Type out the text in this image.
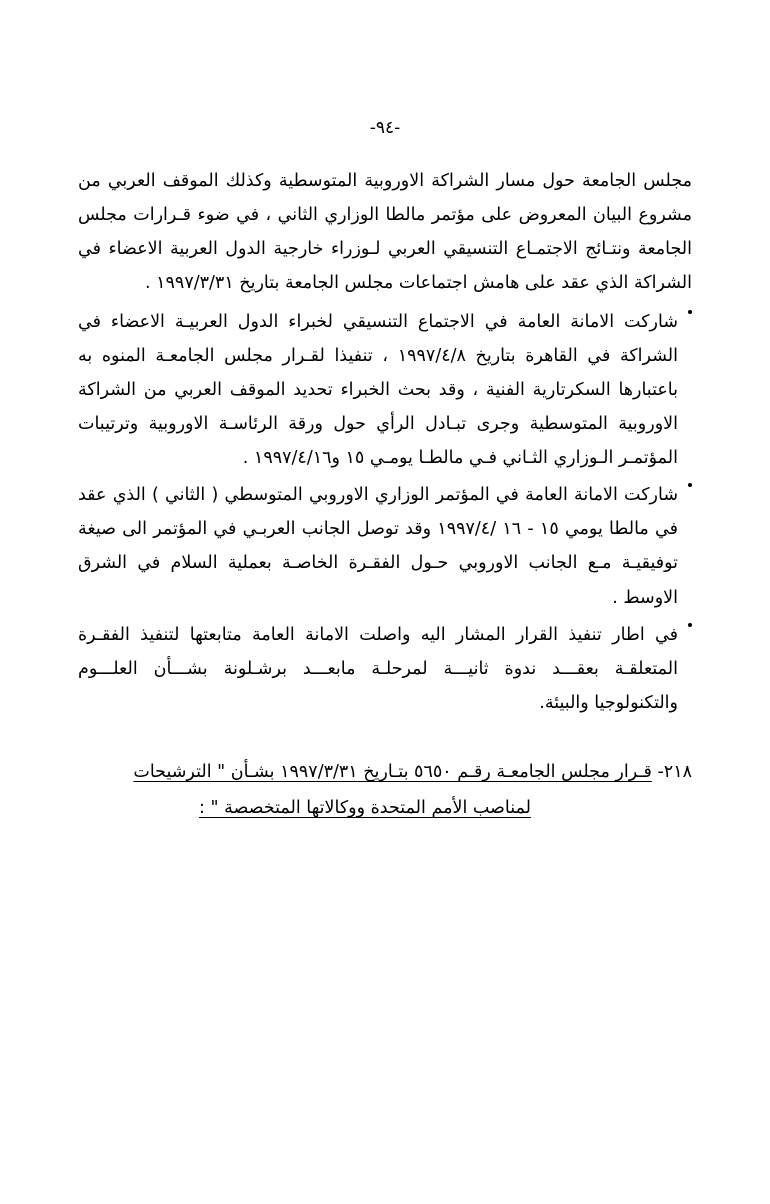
-٩٤-

مجلس الجامعة حول مسار الشراكة الاوروبية المتوسطية وكذلك الموقف العربي من مشروع البيان المعروض على مؤتمر مالطا الوزاري الثاني ، في ضوء قـرارات مجلس الجامعة ونتـائج الاجتمـاع التنسيقي العربي لـوزراء خارجية الدول العربية الاعضاء في الشراكة الذي عقد على هامش اجتماعات مجلس الجامعة بتاريخ ١٩٩٧/٣/٣١ .

شاركت الامانة العامة في الاجتماع التنسيقي لخبراء الدول العربيـة الاعضاء في الشراكة في القاهرة بتاريخ ١٩٩٧/٤/٨ ، تنفيذا لقـرار مجلس الجامعـة المنوه به باعتبارها السكرتارية الفنية ، وقد بحث الخبراء تحديد الموقف العربي من الشراكة الاوروبية المتوسطية وجرى تبـادل الرأي حول ورقة الرئاسـة الاوروبية وترتيبات المؤتمـر الـوزاري الثـاني فـي مالطـا يومـي ١٥ و١٩٩٧/٤/١٦ .
شاركت الامانة العامة في المؤتمر الوزاري الاوروبي المتوسطي ( الثاني ) الذي عقد في مالطا يومي ١٥ - ١٦ /١٩٩٧/٤ وقد توصل الجانب العربـي في المؤتمر الى صيغة توفيقيـة مـع الجانب الاوروبي حـول الفقـرة الخاصـة بعملية السلام في الشرق الاوسط .
في اطار تنفيذ القرار المشار اليه واصلت الامانة العامة متابعتها لتنفيذ الفقـرة المتعلقـة بعقـــد ندوة ثانيـــة لمرحلـة مابعـــد برشـلونة بشـــأن العلـــوم والتكنولوجيا والبيئة.
٢١٨- قـرار مجلس الجامعـة رقـم ٥٦٥٠ بتـاريخ ١٩٩٧/٣/٣١ بشـأن " الترشيحات
لمناصب الأمم المتحدة ووكالاتها المتخصصة " :
